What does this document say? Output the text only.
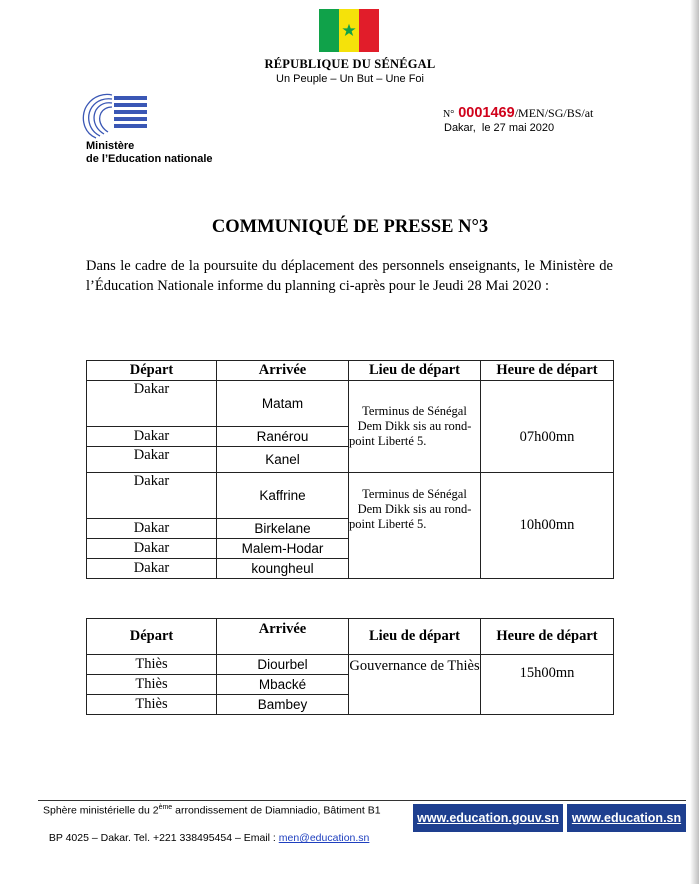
RÉPUBLIQUE DU SÉNÉGAL
Un Peuple – Un But – Une Foi
Ministère
de l’Education nationale
N° 0001469/MEN/SG/BS/at
Dakar,  le 27 mai 2020
COMMUNIQUÉ DE PRESSE N°3
Dans le cadre de la poursuite du déplacement des personnels enseignants, le Ministère de l’Éducation Nationale informe du planning ci-après pour le Jeudi 28 Mai 2020 :
Départ	Arrivée	Lieu de départ	Heure de départ
Dakar	Matam	Terminus de Sénégal Dem Dikk sis au rond-point Liberté 5.	07h00mn
Dakar	Ranérou		
Dakar	Kanel		
Dakar	Kaffrine	Terminus de Sénégal Dem Dikk sis au rond-point Liberté 5.	10h00mn
Dakar	Birkelane		
Dakar	Malem-Hodar		
Dakar	koungheul		
Départ	Arrivée	Lieu de départ	Heure de départ
Thiès	Diourbel	Gouvernance de Thiès	15h00mn
Thiès	Mbacké		
Thiès	Bambey		
Sphère ministérielle du 2ème arrondissement de Diamniadio, Bâtiment B1

BP 4025 – Dakar. Tel. +221 338495454 – Email : men@education.sn

www.education.gouv.sn	www.education.sn
